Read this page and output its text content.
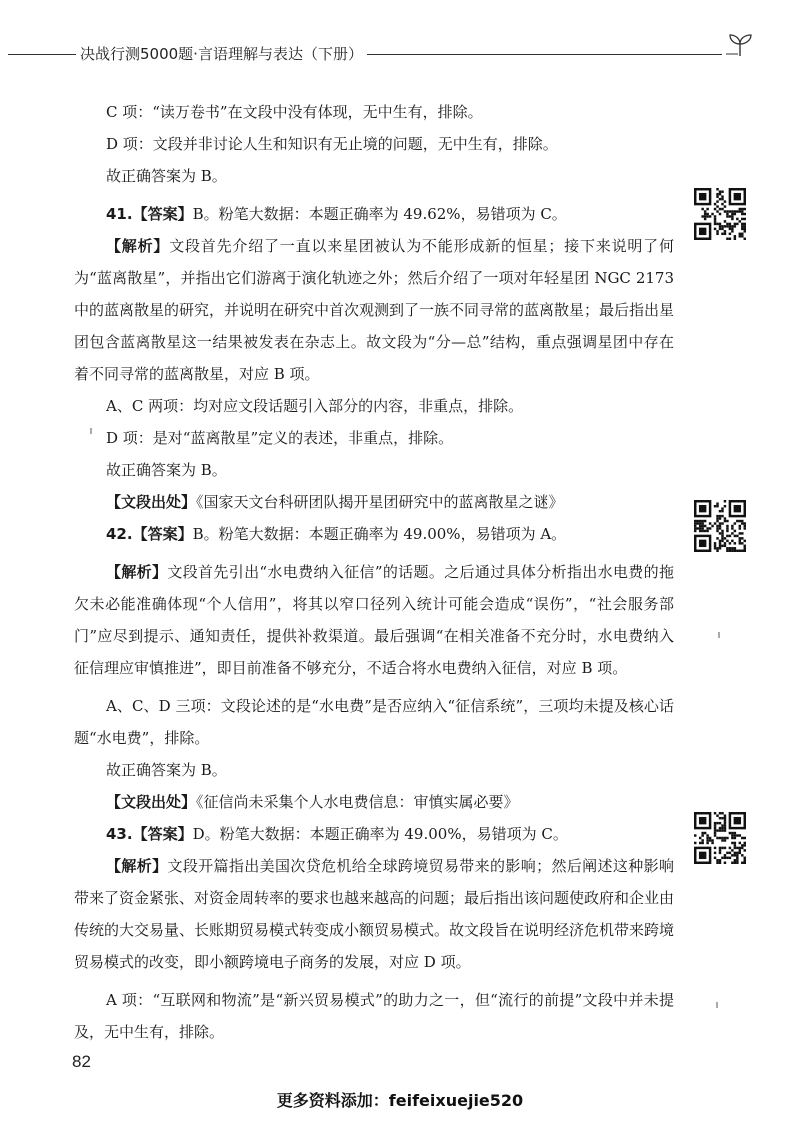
决战行测5000题·言语理解与表达（下册）

C 项：“读万卷书”在文段中没有体现，无中生有，排除。

D 项：文段并非讨论人生和知识有无止境的问题，无中生有，排除。

故正确答案为 B。

41.【答案】B。粉笔大数据：本题正确率为 49.62%，易错项为 C。

【解析】文段首先介绍了一直以来星团被认为不能形成新的恒星；接下来说明了何为“蓝离散星”，并指出它们游离于演化轨迹之外；然后介绍了一项对年轻星团 NGC 2173 中的蓝离散星的研究，并说明在研究中首次观测到了一族不同寻常的蓝离散星；最后指出星团包含蓝离散星这一结果被发表在杂志上。故文段为“分—总”结构，重点强调星团中存在着不同寻常的蓝离散星，对应 B 项。

A、C 两项：均对应文段话题引入部分的内容，非重点，排除。

D 项：是对“蓝离散星”定义的表述，非重点，排除。

故正确答案为 B。

【文段出处】《国家天文台科研团队揭开星团研究中的蓝离散星之谜》

42.【答案】B。粉笔大数据：本题正确率为 49.00%，易错项为 A。

【解析】文段首先引出“水电费纳入征信”的话题。之后通过具体分析指出水电费的拖欠未必能准确体现“个人信用”，将其以窄口径列入统计可能会造成“误伤”，“社会服务部门”应尽到提示、通知责任，提供补救渠道。最后强调“在相关准备不充分时，水电费纳入征信理应审慎推进”，即目前准备不够充分，不适合将水电费纳入征信，对应 B 项。

A、C、D 三项：文段论述的是“水电费”是否应纳入“征信系统”，三项均未提及核心话题“水电费”，排除。

故正确答案为 B。

【文段出处】《征信尚未采集个人水电费信息：审慎实属必要》

43.【答案】D。粉笔大数据：本题正确率为 49.00%，易错项为 C。

【解析】文段开篇指出美国次贷危机给全球跨境贸易带来的影响；然后阐述这种影响带来了资金紧张、对资金周转率的要求也越来越高的问题；最后指出该问题使政府和企业由传统的大交易量、长账期贸易模式转变成小额贸易模式。故文段旨在说明经济危机带来跨境贸易模式的改变，即小额跨境电子商务的发展，对应 D 项。

A 项：“互联网和物流”是“新兴贸易模式”的助力之一，但“流行的前提”文段中并未提及，无中生有，排除。

82
更多资料添加：feifeixuejie520
